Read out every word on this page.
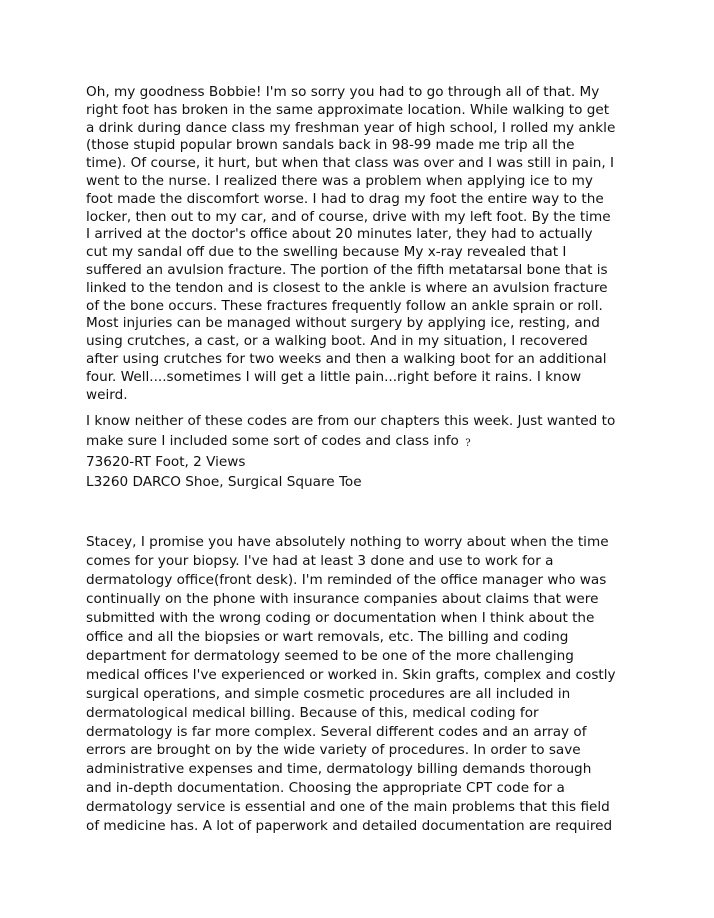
Oh, my goodness Bobbie! I'm so sorry you had to go through all of that. My
right foot has broken in the same approximate location. While walking to get
a drink during dance class my freshman year of high school, I rolled my ankle
(those stupid popular brown sandals back in 98-99 made me trip all the
time). Of course, it hurt, but when that class was over and I was still in pain, I
went to the nurse. I realized there was a problem when applying ice to my
foot made the discomfort worse. I had to drag my foot the entire way to the
locker, then out to my car, and of course, drive with my left foot. By the time
I arrived at the doctor's office about 20 minutes later, they had to actually
cut my sandal off due to the swelling because My x-ray revealed that I
suffered an avulsion fracture. The portion of the fifth metatarsal bone that is
linked to the tendon and is closest to the ankle is where an avulsion fracture
of the bone occurs. These fractures frequently follow an ankle sprain or roll.
Most injuries can be managed without surgery by applying ice, resting, and
using crutches, a cast, or a walking boot. And in my situation, I recovered
after using crutches for two weeks and then a walking boot for an additional
four. Well....sometimes I will get a little pain...right before it rains. I know
weird.
I know neither of these codes are from our chapters this week. Just wanted to
make sure I included some sort of codes and class info ?
73620-RT Foot, 2 Views
L3260 DARCO Shoe, Surgical Square Toe
Stacey, I promise you have absolutely nothing to worry about when the time
comes for your biopsy. I've had at least 3 done and use to work for a
dermatology office(front desk). I'm reminded of the office manager who was
continually on the phone with insurance companies about claims that were
submitted with the wrong coding or documentation when I think about the
office and all the biopsies or wart removals, etc. The billing and coding
department for dermatology seemed to be one of the more challenging
medical offices I've experienced or worked in. Skin grafts, complex and costly
surgical operations, and simple cosmetic procedures are all included in
dermatological medical billing. Because of this, medical coding for
dermatology is far more complex. Several different codes and an array of
errors are brought on by the wide variety of procedures. In order to save
administrative expenses and time, dermatology billing demands thorough
and in-depth documentation. Choosing the appropriate CPT code for a
dermatology service is essential and one of the main problems that this field
of medicine has. A lot of paperwork and detailed documentation are required
